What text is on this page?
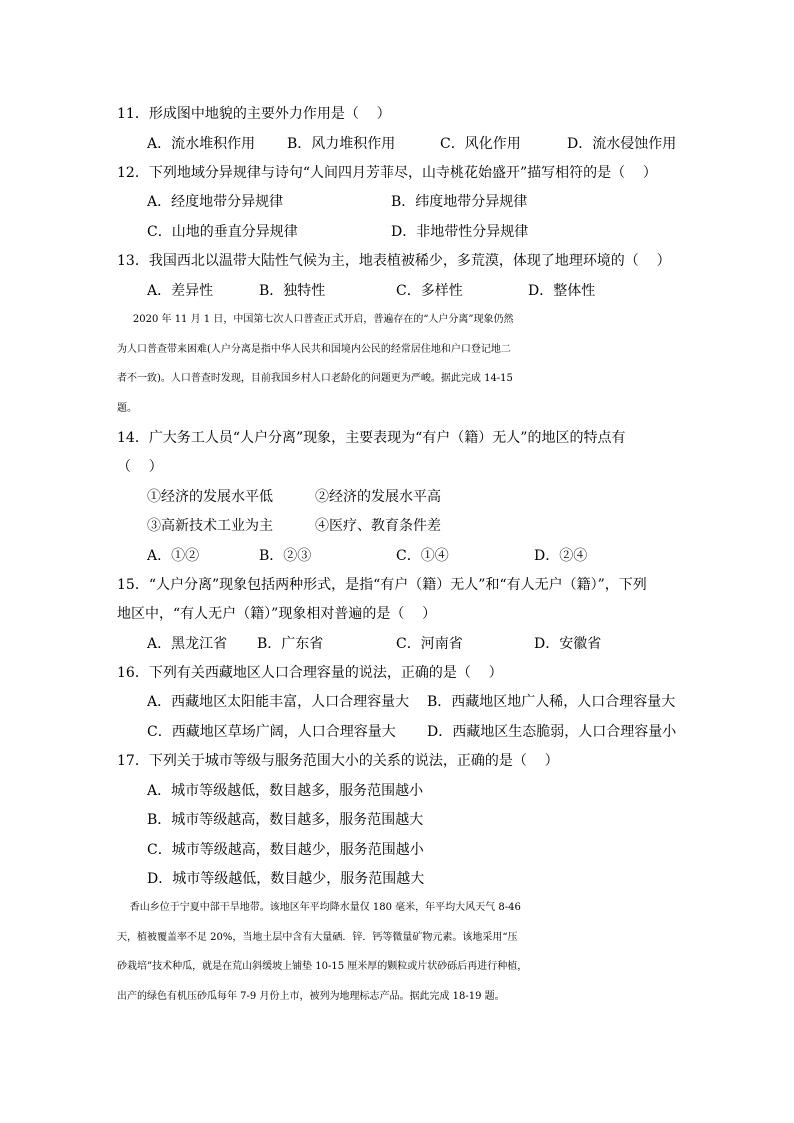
11．形成图中地貌的主要外力作用是（    ）
A．流水堆积作用 B．风力堆积作用	C．风化作用	D．流水侵蚀作用
12．下列地域分异规律与诗句“人间四月芳菲尽，山寺桃花始盛开”描写相符的是（    ）
A．经度地带分异规律	B．纬度地带分异规律
C．山地的垂直分异规律	D．非地带性分异规律
13．我国西北以温带大陆性气候为主，地表植被稀少，多荒漠，体现了地理环境的（    ）
A．差异性	B．独特性	C．多样性	D．整体性
2020 年 11 月 1 日，中国第七次人口普查正式开启，普遍存在的“人户分离”现象仍然
为人口普查带来困难(人户分离是指中华人民共和国境内公民的经常居住地和户口登记地二
者不一致)。人口普查时发现，目前我国乡村人口老龄化的问题更为严峻。据此完成 14-15
题。
14．广大务工人员“人户分离”现象，主要表现为“有户（籍）无人”的地区的特点有
（    ）
①经济的发展水平低	②经济的发展水平高
③高新技术工业为主	④医疗、教育条件差
A．①②	B．②③	C．①④	D．②④
15．“人户分离”现象包括两种形式，是指“有户（籍）无人”和“有人无户（籍）”，下列
地区中，“有人无户（籍）”现象相对普遍的是（    ）
A．黑龙江省 B．广东省	C．河南省	D．安徽省
16．下列有关西藏地区人口合理容量的说法，正确的是（    ）
A．西藏地区太阳能丰富，人口合理容量大 B．西藏地区地广人稀，人口合理容量大
C．西藏地区草场广阔，人口合理容量大 D．西藏地区生态脆弱，人口合理容量小
17．下列关于城市等级与服务范围大小的关系的说法，正确的是（    ）
A．城市等级越低，数目越多，服务范围越小
B．城市等级越高，数目越多，服务范围越大
C．城市等级越高，数目越少，服务范围越小
D．城市等级越低，数目越少，服务范围越大
香山乡位于宁夏中部干旱地带。该地区年平均降水量仅 180 毫米，年平均大风天气 8-46
天，植被覆盖率不足 20%，当地土层中含有大量硒．锌．钙等微量矿物元素。该地采用“压
砂栽培”技术种瓜，就是在荒山斜缓坡上铺垫 10-15 厘米厚的颗粒或片状砂砾后再进行种植，
出产的绿色有机压砂瓜每年 7-9 月份上市，被列为地理标志产品。据此完成 18-19 题。
